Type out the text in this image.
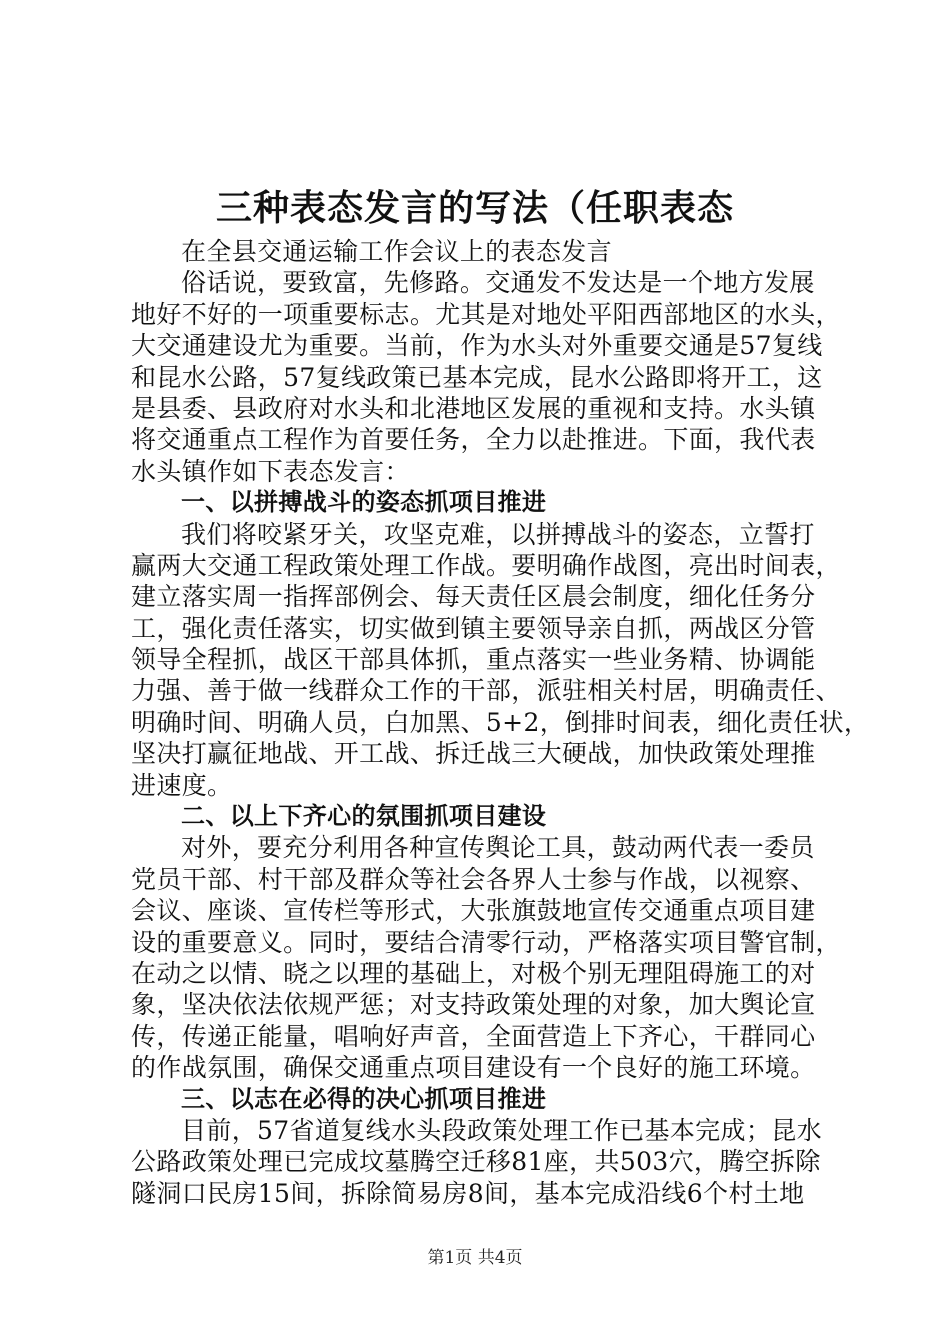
三种表态发言的写法（任职表态
在全县交通运输工作会议上的表态发言
俗话说，要致富，先修路。交通发不发达是一个地方发展
地好不好的一项重要标志。尤其是对地处平阳西部地区的水头，
大交通建设尤为重要。当前，作为水头对外重要交通是57复线
和昆水公路，57复线政策已基本完成，昆水公路即将开工，这
是县委、县政府对水头和北港地区发展的重视和支持。水头镇
将交通重点工程作为首要任务，全力以赴推进。下面，我代表
水头镇作如下表态发言：
一、以拼搏战斗的姿态抓项目推进
我们将咬紧牙关，攻坚克难，以拼搏战斗的姿态，立誓打
赢两大交通工程政策处理工作战。要明确作战图，亮出时间表，
建立落实周一指挥部例会、每天责任区晨会制度，细化任务分
工，强化责任落实，切实做到镇主要领导亲自抓，两战区分管
领导全程抓，战区干部具体抓，重点落实一些业务精、协调能
力强、善于做一线群众工作的干部，派驻相关村居，明确责任、
明确时间、明确人员，白加黑、5+2，倒排时间表，细化责任状，
坚决打赢征地战、开工战、拆迁战三大硬战，加快政策处理推
进速度。
二、以上下齐心的氛围抓项目建设
对外，要充分利用各种宣传舆论工具，鼓动两代表一委员
党员干部、村干部及群众等社会各界人士参与作战，以视察、
会议、座谈、宣传栏等形式，大张旗鼓地宣传交通重点项目建
设的重要意义。同时，要结合清零行动，严格落实项目警官制，
在动之以情、晓之以理的基础上，对极个别无理阻碍施工的对
象，坚决依法依规严惩；对支持政策处理的对象，加大舆论宣
传，传递正能量，唱响好声音，全面营造上下齐心，干群同心
的作战氛围，确保交通重点项目建设有一个良好的施工环境。
三、以志在必得的决心抓项目推进
目前，57省道复线水头段政策处理工作已基本完成；昆水
公路政策处理已完成坟墓腾空迁移81座，共503穴，腾空拆除
隧洞口民房15间，拆除简易房8间，基本完成沿线6个村土地
第1页 共4页
